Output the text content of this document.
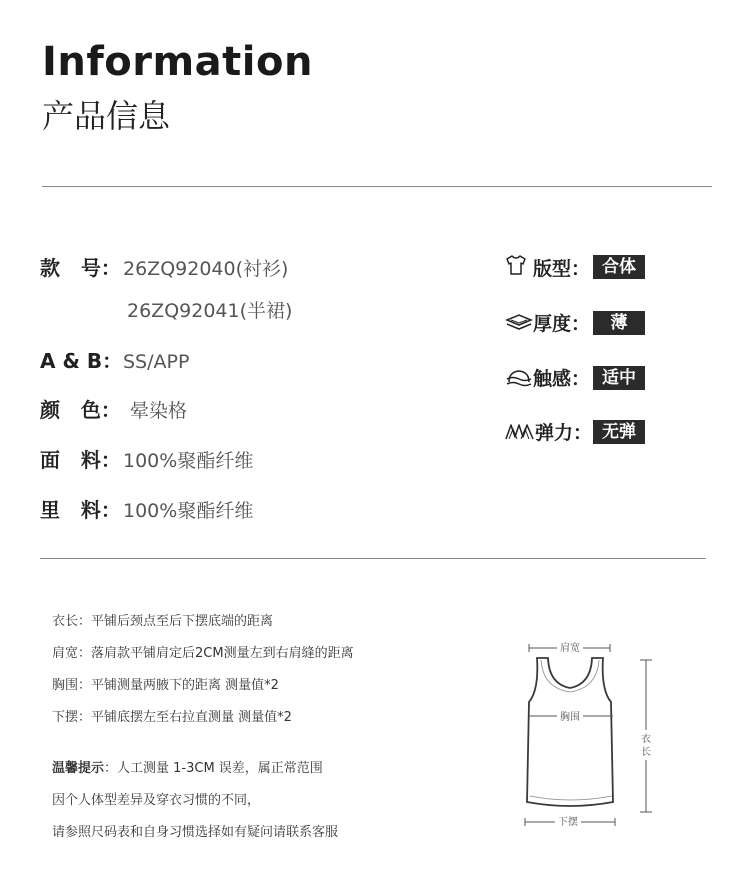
Information
产品信息
款   号： 26ZQ92040(衬衫)
26ZQ92041(半裙)
A & B： SS/APP
颜   色： 晕染格
面   料： 100%聚酯纤维
里   料： 100%聚酯纤维
版型： 合体
厚度：	薄
触感： 适中
弹力： 无弹
衣长：平铺后颈点至后下摆底端的距离
肩宽：落肩款平铺肩定后2CM测量左到右肩缝的距离
胸围：平铺测量两腋下的距离 测量值*2
下摆：平铺底摆左至右拉直测量 测量值*2
温馨提示：人工测量 1-3CM 误差，属正常范围
因个人体型差异及穿衣习惯的不同，
请参照尺码表和自身习惯选择如有疑问请联系客服
肩宽
胸围
下摆
衣
长
